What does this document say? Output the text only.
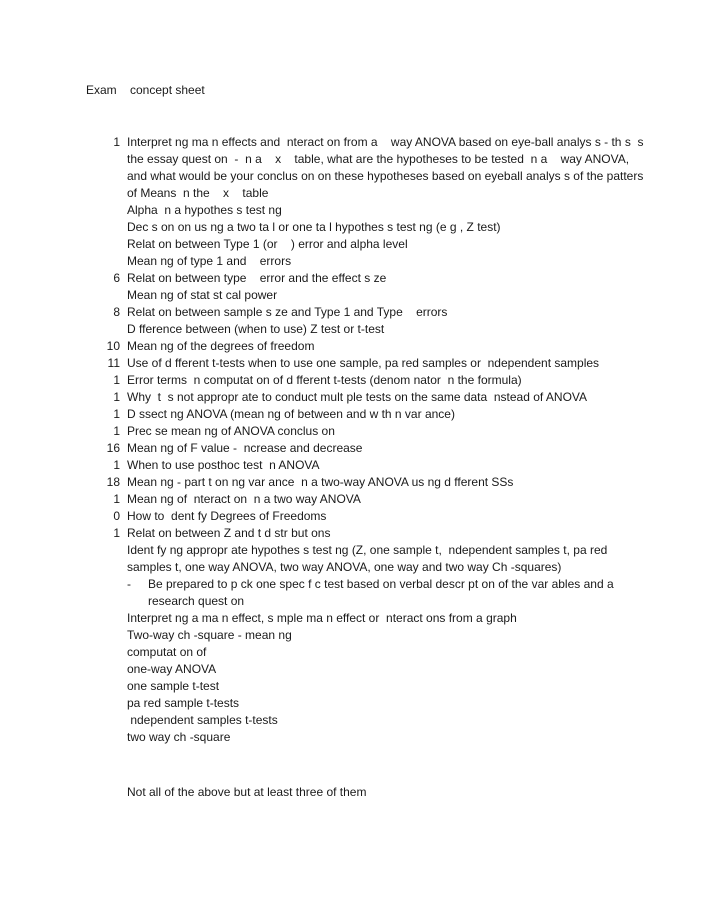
Exam    concept sheet
1 Interpret ng ma n effects and  nteract on from a    way ANOVA based on eye-ball analys s - th s  s
the essay quest on  -  n a    x    table, what are the hypotheses to be tested  n a    way ANOVA,
and what would be your conclus on on these hypotheses based on eyeball analys s of the patters
of Means  n the    x    table
Alpha  n a hypothes s test ng
Dec s on on us ng a two ta l or one ta l hypothes s test ng (e g , Z test)
Relat on between Type 1 (or    ) error and alpha level
Mean ng of type 1 and    errors
6 Relat on between type    error and the effect s ze
Mean ng of stat st cal power
8 Relat on between sample s ze and Type 1 and Type    errors
D fference between (when to use) Z test or t-test
10 Mean ng of the degrees of freedom
11 Use of d fferent t-tests when to use one sample, pa red samples or  ndependent samples
1 Error terms  n computat on of d fferent t-tests (denom nator  n the formula)
1 Why  t  s not appropr ate to conduct mult ple tests on the same data  nstead of ANOVA
1 D ssect ng ANOVA (mean ng of between and w th n var ance)
1 Prec se mean ng of ANOVA conclus on
16 Mean ng of F value -  ncrease and decrease
1 When to use posthoc test  n ANOVA
18 Mean ng - part t on ng var ance  n a two-way ANOVA us ng d fferent SSs
1 Mean ng of  nteract on  n a two way ANOVA
0 How to  dent fy Degrees of Freedoms
1 Relat on between Z and t d str but ons
Ident fy ng appropr ate hypothes s test ng (Z, one sample t,  ndependent samples t, pa red
samples t, one way ANOVA, two way ANOVA, one way and two way Ch -squares)
- Be prepared to p ck one spec f c test based on verbal descr pt on of the var ables and a
research quest on
Interpret ng a ma n effect, s mple ma n effect or  nteract ons from a graph
Two-way ch -square - mean ng
computat on of
one-way ANOVA
one sample t-test
pa red sample t-tests
ndependent samples t-tests
two way ch -square
Not all of the above but at least three of them
